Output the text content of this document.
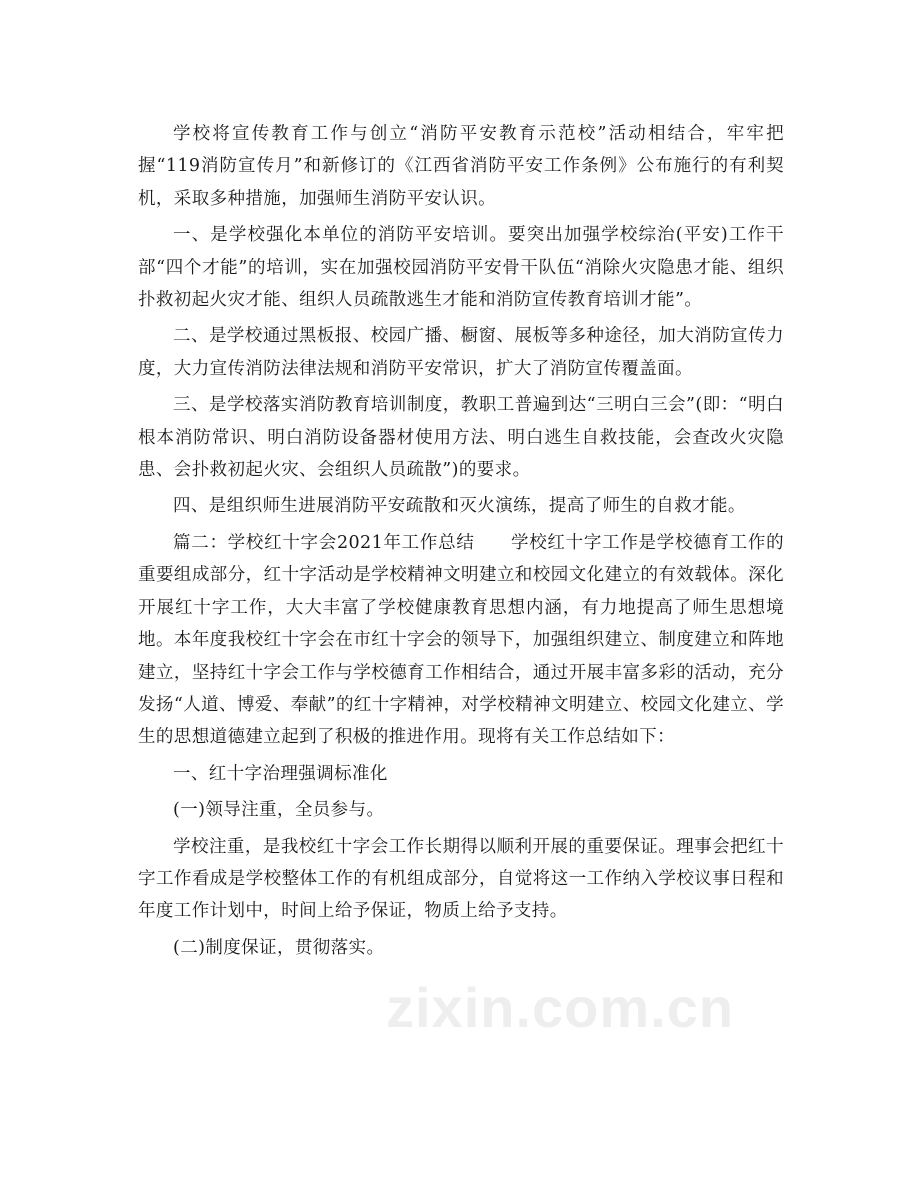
学校将宣传教育工作与创立“消防平安教育示范校”活动相结合，牢牢把握“119消防宣传月”和新修订的《江西省消防平安工作条例》公布施行的有利契机，采取多种措施，加强师生消防平安认识。

一、是学校强化本单位的消防平安培训。要突出加强学校综治(平安)工作干部“四个才能”的培训，实在加强校园消防平安骨干队伍“消除火灾隐患才能、组织扑救初起火灾才能、组织人员疏散逃生才能和消防宣传教育培训才能”。

二、是学校通过黑板报、校园广播、橱窗、展板等多种途径，加大消防宣传力度，大力宣传消防法律法规和消防平安常识，扩大了消防宣传覆盖面。

三、是学校落实消防教育培训制度，教职工普遍到达“三明白三会”(即：“明白根本消防常识、明白消防设备器材使用方法、明白逃生自救技能，会查改火灾隐患、会扑救初起火灾、会组织人员疏散”)的要求。

四、是组织师生进展消防平安疏散和灭火演练，提高了师生的自救才能。

篇二：学校红十字会2021年工作总结　　学校红十字工作是学校德育工作的重要组成部分，红十字活动是学校精神文明建立和校园文化建立的有效载体。深化开展红十字工作，大大丰富了学校健康教育思想内涵，有力地提高了师生思想境地。本年度我校红十字会在市红十字会的领导下，加强组织建立、制度建立和阵地建立，坚持红十字会工作与学校德育工作相结合，通过开展丰富多彩的活动，充分发扬“人道、博爱、奉献”的红十字精神，对学校精神文明建立、校园文化建立、学生的思想道德建立起到了积极的推进作用。现将有关工作总结如下：

一、红十字治理强调标准化

(一)领导注重，全员参与。

学校注重，是我校红十字会工作长期得以顺利开展的重要保证。理事会把红十字工作看成是学校整体工作的有机组成部分，自觉将这一工作纳入学校议事日程和年度工作计划中，时间上给予保证，物质上给予支持。

(二)制度保证，贯彻落实。

zixin.com.cn
